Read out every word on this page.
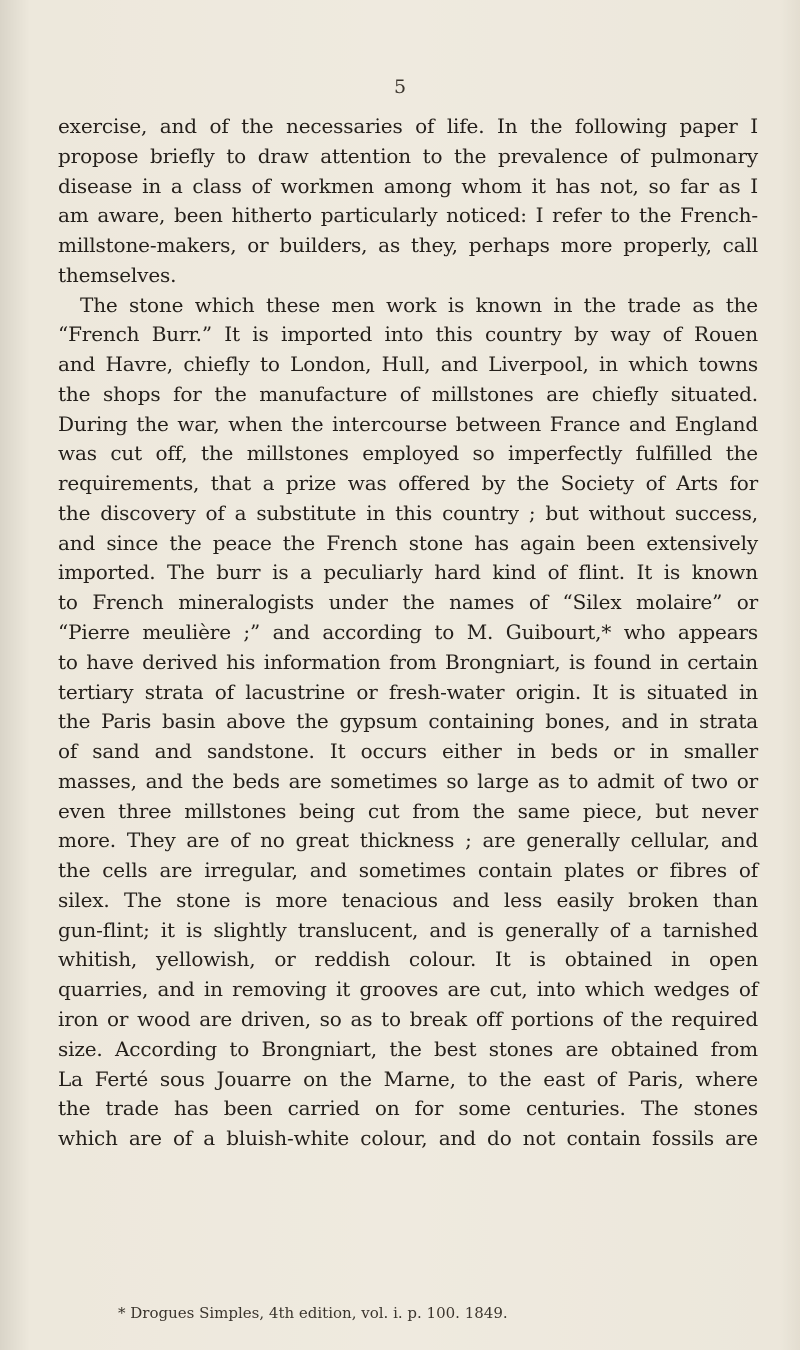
5
exercise, and of the necessaries of life. In the following paper I
propose briefly to draw attention to the prevalence of pulmonary
disease in a class of workmen among whom it has not, so far as I
am aware, been hitherto particularly noticed: I refer to the French-
millstone-makers, or builders, as they, perhaps more properly, call
themselves.
The stone which these men work is known in the trade as the
“French Burr.” It is imported into this country by way of Rouen
and Havre, chiefly to London, Hull, and Liverpool, in which towns
the shops for the manufacture of millstones are chiefly situated.
During the war, when the intercourse between France and England
was cut off, the millstones employed so imperfectly fulfilled the
requirements, that a prize was offered by the Society of Arts for
the discovery of a substitute in this country ; but without success,
and since the peace the French stone has again been extensively
imported. The burr is a peculiarly hard kind of flint. It is known
to French mineralogists under the names of “Silex molaire” or
“Pierre meulière ;” and according to M. Guibourt,* who appears
to have derived his information from Brongniart, is found in certain
tertiary strata of lacustrine or fresh-water origin. It is situated in
the Paris basin above the gypsum containing bones, and in strata
of sand and sandstone. It occurs either in beds or in smaller
masses, and the beds are sometimes so large as to admit of two or
even three millstones being cut from the same piece, but never
more. They are of no great thickness ; are generally cellular, and
the cells are irregular, and sometimes contain plates or fibres of
silex. The stone is more tenacious and less easily broken than
gun-flint; it is slightly translucent, and is generally of a tarnished
whitish, yellowish, or reddish colour. It is obtained in open
quarries, and in removing it grooves are cut, into which wedges of
iron or wood are driven, so as to break off portions of the required
size. According to Brongniart, the best stones are obtained from
La Ferté sous Jouarre on the Marne, to the east of Paris, where
the trade has been carried on for some centuries. The stones
which are of a bluish-white colour, and do not contain fossils are
* Drogues Simples, 4th edition, vol. i. p. 100. 1849.
